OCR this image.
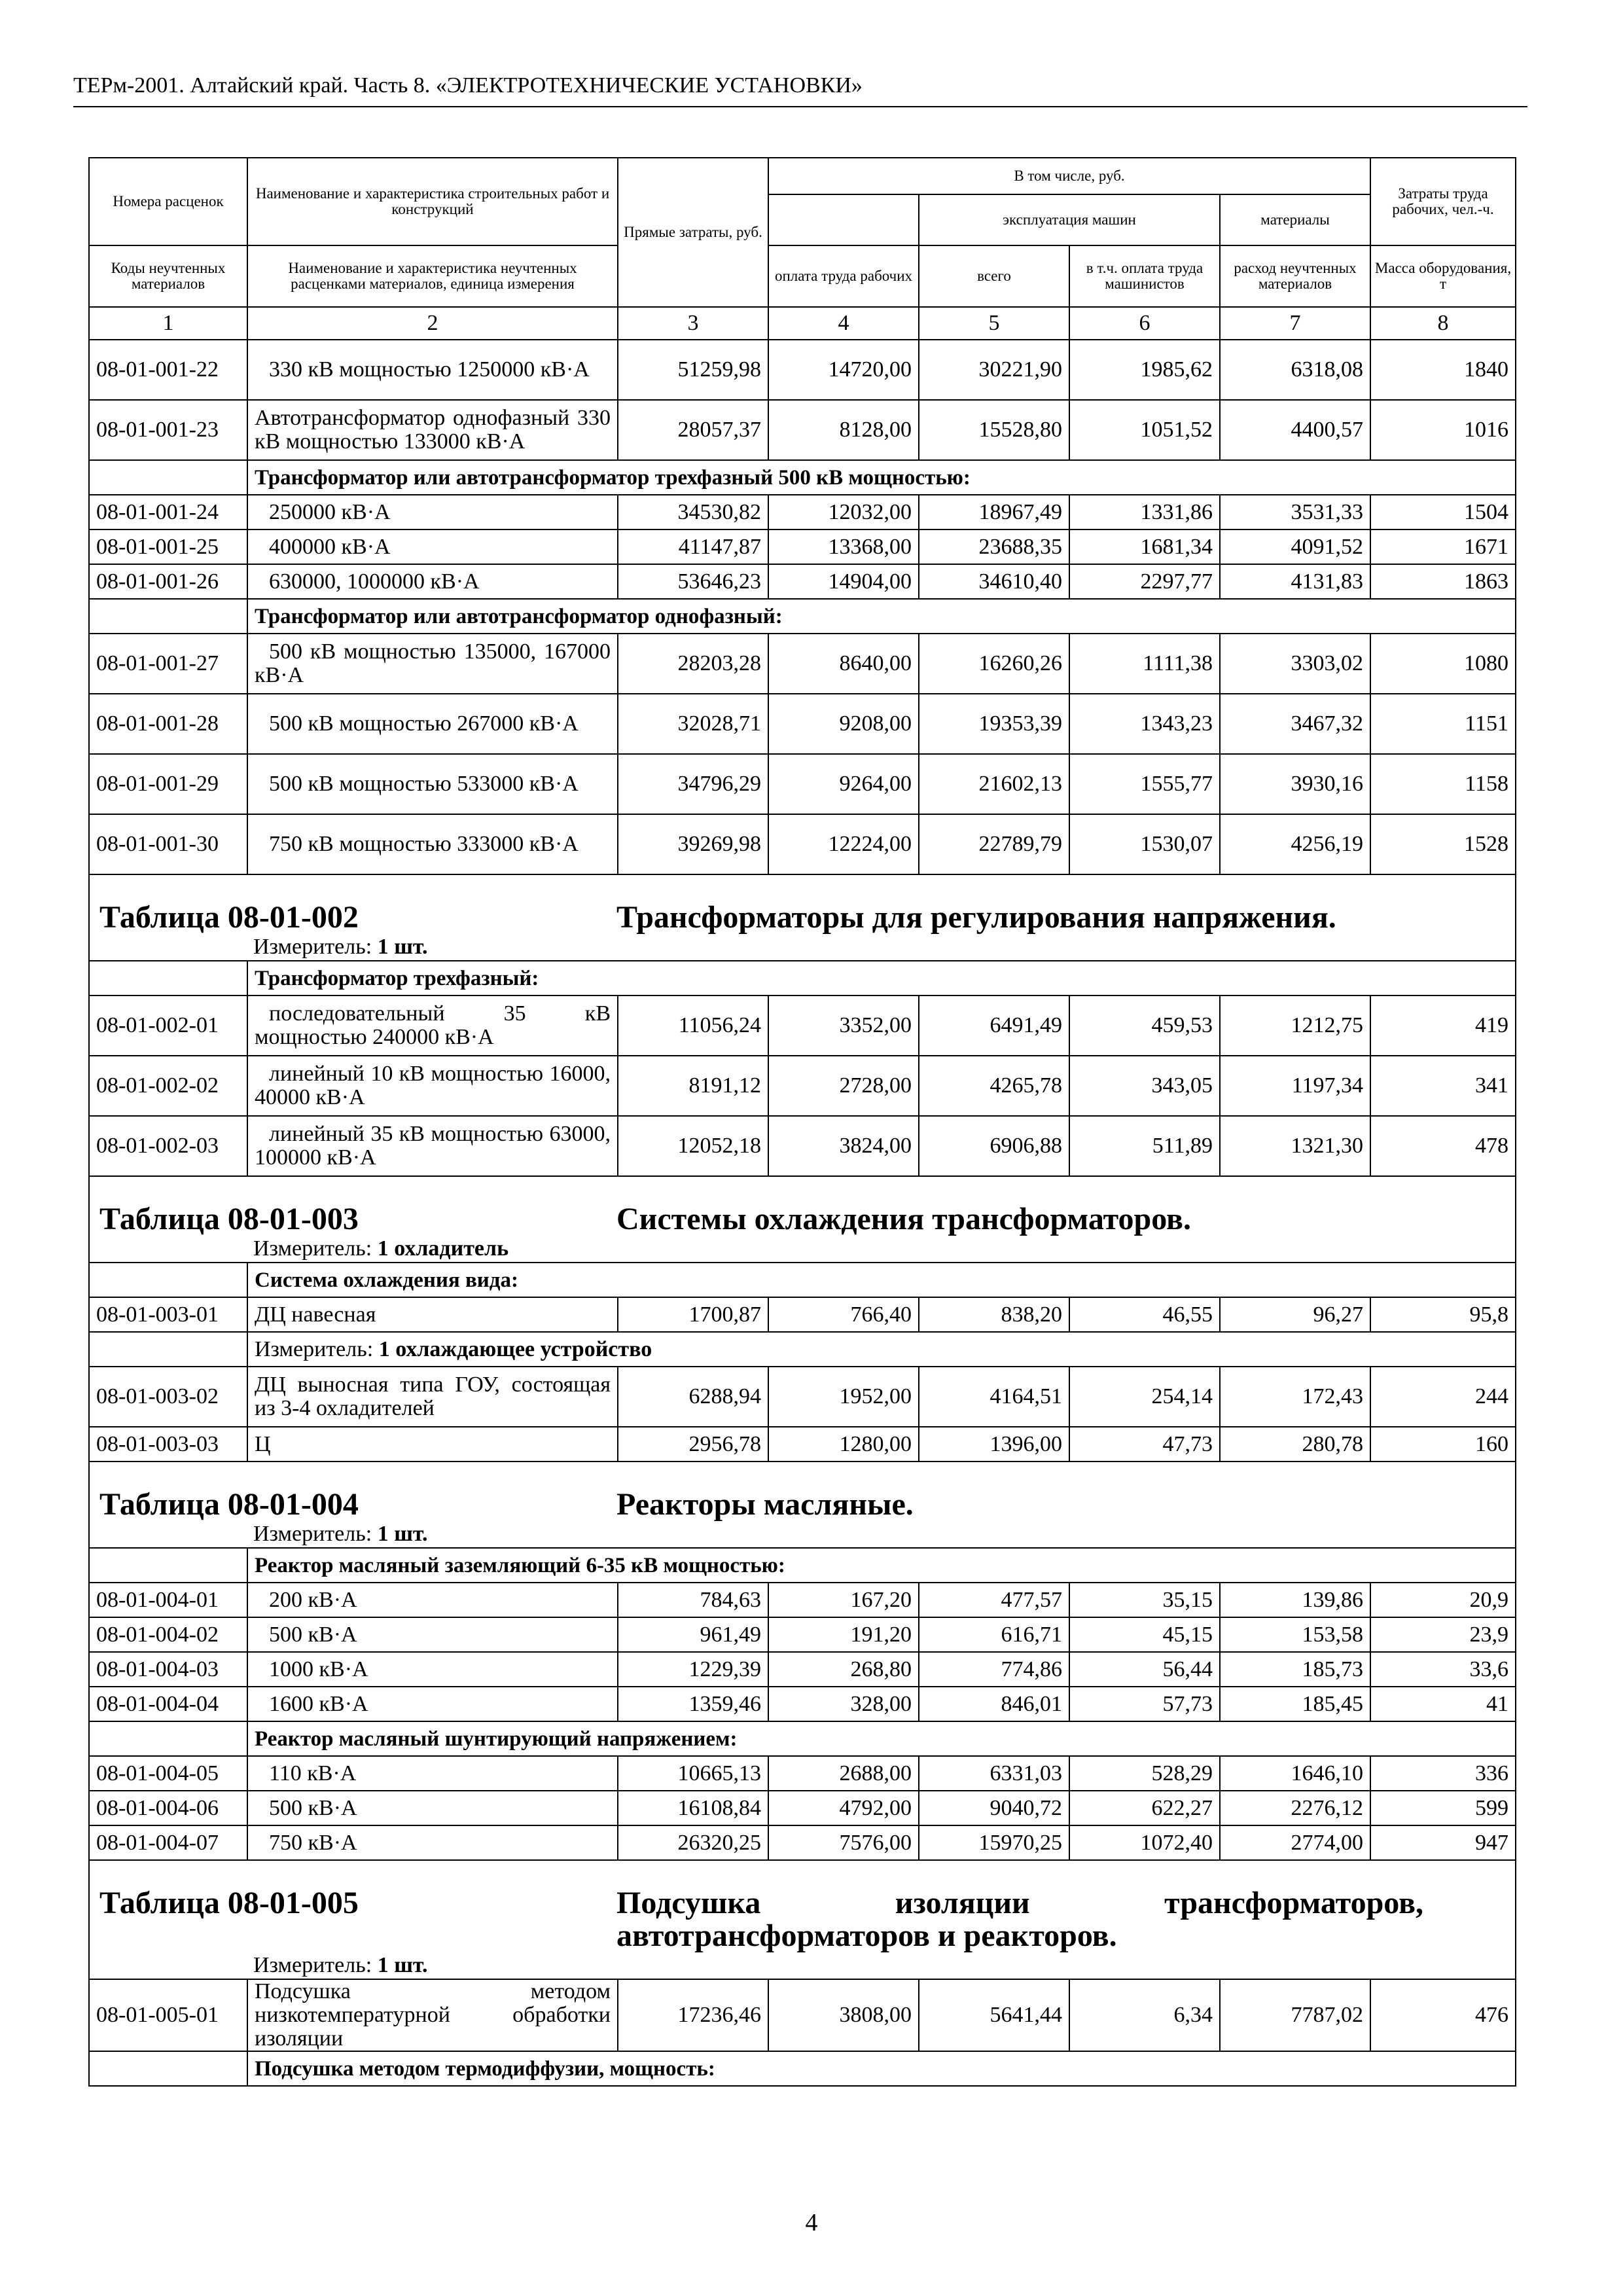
ТЕРм-2001. Алтайский край. Часть 8. «ЭЛЕКТРОТЕХНИЧЕСКИЕ УСТАНОВКИ»
Номера расценок	Наименование и характеристика строительных работ и конструкций	Прямые затраты, руб.	В том числе, руб.				Затраты труда рабочих, чел.-ч.
				эксплуатация машин		материалы	
Коды неучтенных материалов	Наименование и характеристика неучтенных расценками материалов, единица измерения		оплата труда рабочих	всего	в т.ч. оплата труда машинистов	расход неучтенных материалов	Масса оборудования, т
1	2	3	4	5	6	7	8
08-01-001-22	330 кВ мощностью 1250000 кВ·А	51259,98	14720,00	30221,90	1985,62	6318,08	1840
08-01-001-23	Автотрансформатор однофазный 330 кВ мощностью 133000 кВ·А	28057,37	8128,00	15528,80	1051,52	4400,57	1016
	Трансформатор или автотрансформатор трехфазный 500 кВ мощностью:						
08-01-001-24	250000 кВ·А	34530,82	12032,00	18967,49	1331,86	3531,33	1504
08-01-001-25	400000 кВ·А	41147,87	13368,00	23688,35	1681,34	4091,52	1671
08-01-001-26	630000, 1000000 кВ·А	53646,23	14904,00	34610,40	2297,77	4131,83	1863
	Трансформатор или автотрансформатор однофазный:						
08-01-001-27	500 кВ мощностью 135000, 167000 кВ·А	28203,28	8640,00	16260,26	1111,38	3303,02	1080
08-01-001-28	500 кВ мощностью 267000 кВ·А	32028,71	9208,00	19353,39	1343,23	3467,32	1151
08-01-001-29	500 кВ мощностью 533000 кВ·А	34796,29	9264,00	21602,13	1555,77	3930,16	1158
08-01-001-30	750 кВ мощностью 333000 кВ·А	39269,98	12224,00	22789,79	1530,07	4256,19	1528

Таблица 08-01-002 Трансформаторы для регулирования напряжения.
Измеритель: 1 шт.							

	Трансформатор трехфазный:						
08-01-002-01	последовательный 35 кВ мощностью 240000 кВ·А	11056,24	3352,00	6491,49	459,53	1212,75	419
08-01-002-02	линейный 10 кВ мощностью 16000, 40000 кВ·А	8191,12	2728,00	4265,78	343,05	1197,34	341
08-01-002-03	линейный 35 кВ мощностью 63000, 100000 кВ·А	12052,18	3824,00	6906,88	511,89	1321,30	478

Таблица 08-01-003 Системы охлаждения трансформаторов.
Измеритель: 1 охладитель							

	Система охлаждения вида:						
08-01-003-01	ДЦ навесная	1700,87	766,40	838,20	46,55	96,27	95,8
	Измеритель: 1 охлаждающее устройство						
08-01-003-02	ДЦ выносная типа ГОУ, состоящая из 3-4 охладителей	6288,94	1952,00	4164,51	254,14	172,43	244
08-01-003-03	Ц	2956,78	1280,00	1396,00	47,73	280,78	160

Таблица 08-01-004 Реакторы масляные.
Измеритель: 1 шт.							

	Реактор масляный заземляющий 6-35 кВ мощностью:						
08-01-004-01	200 кВ·А	784,63	167,20	477,57	35,15	139,86	20,9
08-01-004-02	500 кВ·А	961,49	191,20	616,71	45,15	153,58	23,9
08-01-004-03	1000 кВ·А	1229,39	268,80	774,86	56,44	185,73	33,6
08-01-004-04	1600 кВ·А	1359,46	328,00	846,01	57,73	185,45	41
	Реактор масляный шунтирующий напряжением:						
08-01-004-05	110 кВ·А	10665,13	2688,00	6331,03	528,29	1646,10	336
08-01-004-06	500 кВ·А	16108,84	4792,00	9040,72	622,27	2276,12	599
08-01-004-07	750 кВ·А	26320,25	7576,00	15970,25	1072,40	2774,00	947

Таблица 08-01-005 Подсушка изоляции трансформаторов, автотрансформаторов и реакторов.
Измеритель: 1 шт.							

08-01-005-01	Подсушка методом низкотемпературной обработки изоляции	17236,46	3808,00	5641,44	6,34	7787,02	476
	Подсушка методом термодиффузии, мощность:						
4
